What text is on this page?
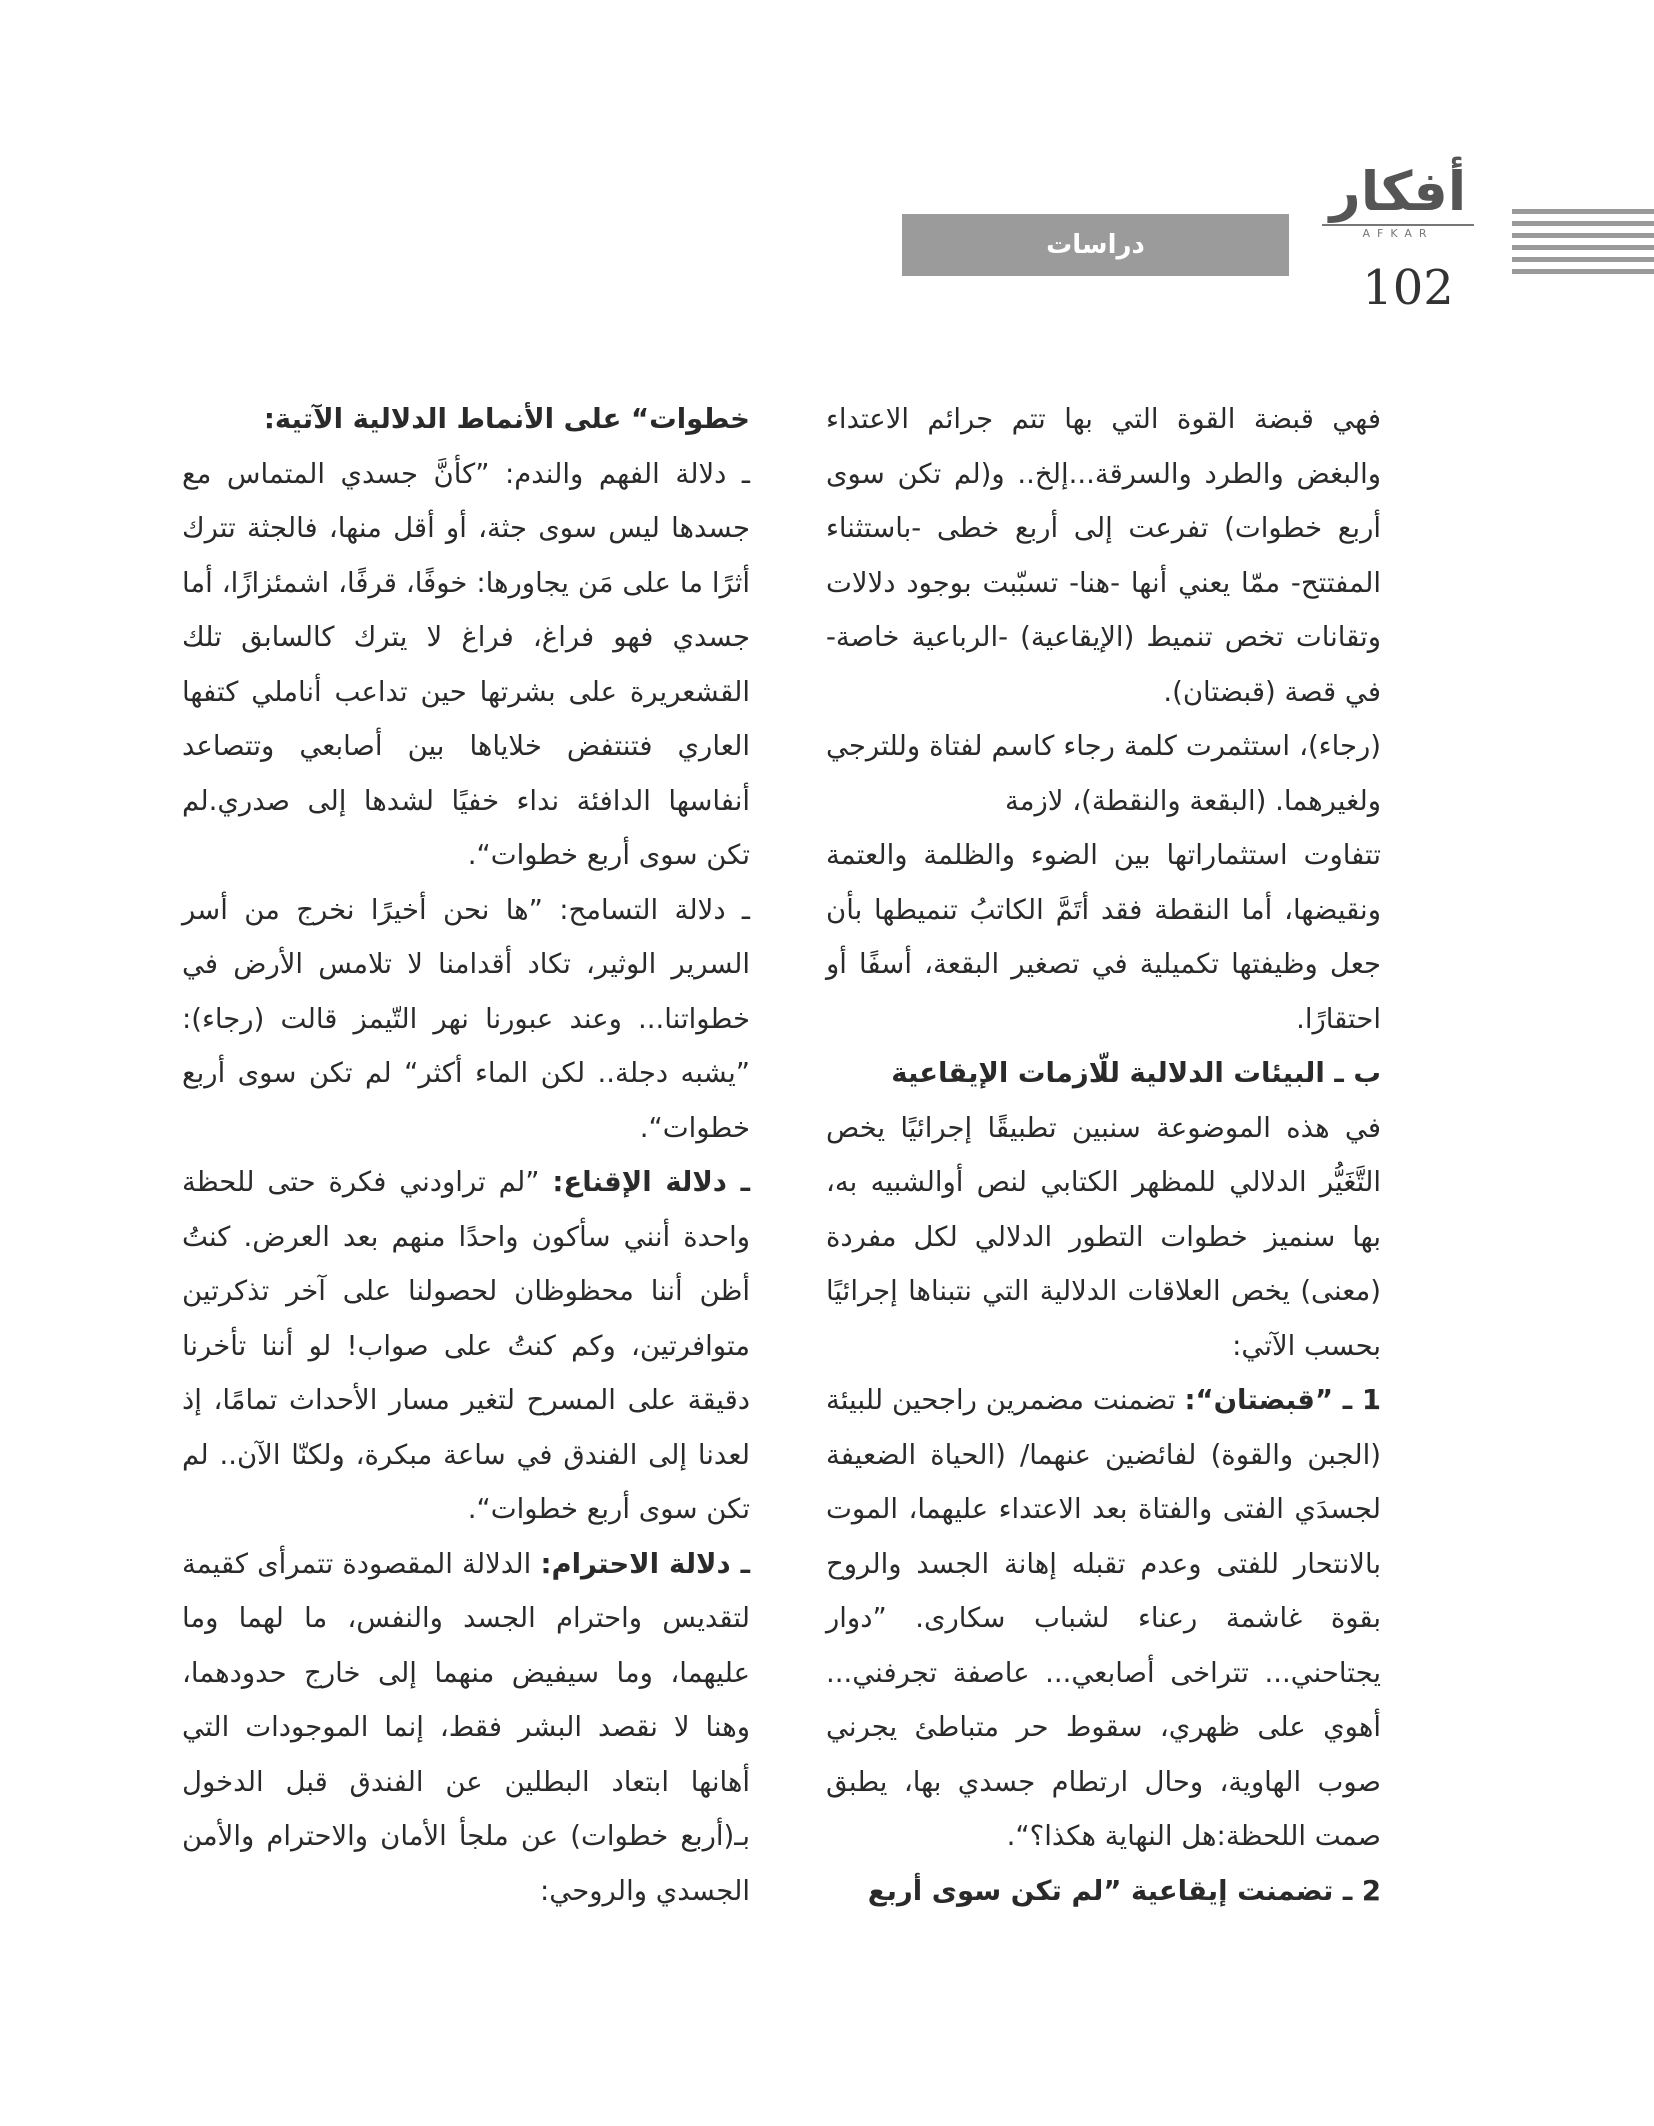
أفكار
AFKAR
دراسات
102

فهي قبضة القوة التي بها تتم جرائم الاعتداء والبغض والطرد والسرقة...إلخ.. و(لم تكن سوى أربع خطوات) تفرعت إلى أربع خطى -باستثناء المفتتح- ممّا يعني أنها -هنا- تسبّبت بوجود دلالات وتقانات تخص تنميط (الإيقاعية) -الرباعية خاصة- في قصة (قبضتان).

(رجاء)، استثمرت كلمة رجاء كاسم لفتاة وللترجي ولغيرهما. (البقعة والنقطة)، لازمة

تتفاوت استثماراتها بين الضوء والظلمة والعتمة ونقيضها، أما النقطة فقد أتَمَّ الكاتبُ تنميطها بأن جعل وظيفتها تكميلية في تصغير البقعة، أسفًا أو احتقارًا.

ب ـ البيئات الدلالية للّازمات الإيقاعية

في هذه الموضوعة سنبين تطبيقًا إجرائيًا يخص التَّغَيُّر الدلالي للمظهر الكتابي لنص أوالشبيه به، بها سنميز خطوات التطور الدلالي لكل مفردة (معنى) يخص العلاقات الدلالية التي نتبناها إجرائيًا بحسب الآتي:

1 ـ ”قبضتان“: تضمنت مضمرين راجحين للبيئة (الجبن والقوة) لفائضين عنهما/ (الحياة الضعيفة لجسدَي الفتى والفتاة بعد الاعتداء عليهما، الموت بالانتحار للفتى وعدم تقبله إهانة الجسد والروح بقوة غاشمة رعناء لشباب سكارى. ”دوار يجتاحني... تتراخى أصابعي... عاصفة تجرفني... أهوي على ظهري، سقوط حر متباطئ يجرني صوب الهاوية، وحال ارتطام جسدي بها، يطبق صمت اللحظة:هل النهاية هكذا؟“.

2 ـ تضمنت إيقاعية ”لم تكن سوى أربع

خطوات“ على الأنماط الدلالية الآتية:

ـ دلالة الفهم والندم: ”كأنَّ جسدي المتماس مع جسدها ليس سوى جثة، أو أقل منها، فالجثة تترك أثرًا ما على مَن يجاورها: خوفًا، قرفًا، اشمئزازًا، أما جسدي فهو فراغ، فراغ لا يترك كالسابق تلك القشعريرة على بشرتها حين تداعب أناملي كتفها العاري فتنتفض خلاياها بين أصابعي وتتصاعد أنفاسها الدافئة نداء خفيًا لشدها إلى صدري.لم تكن سوى أربع خطوات“.

ـ دلالة التسامح: ”ها نحن أخيرًا نخرج من أسر السرير الوثير، تكاد أقدامنا لا تلامس الأرض في خطواتنا... وعند عبورنا نهر التّيمز قالت (رجاء): ”يشبه دجلة.. لكن الماء أكثر“ لم تكن سوى أربع خطوات“.

ـ دلالة الإقناع: ”لم تراودني فكرة حتى للحظة واحدة أنني سأكون واحدًا منهم بعد العرض. كنتُ أظن أننا محظوظان لحصولنا على آخر تذكرتين متوافرتين، وكم كنتُ على صواب! لو أننا تأخرنا دقيقة على المسرح لتغير مسار الأحداث تمامًا، إذ لعدنا إلى الفندق في ساعة مبكرة، ولكنّا الآن.. لم تكن سوى أربع خطوات“.

ـ دلالة الاحترام: الدلالة المقصودة تتمرأى كقيمة لتقديس واحترام الجسد والنفس، ما لهما وما عليهما، وما سيفيض منهما إلى خارج حدودهما، وهنا لا نقصد البشر فقط، إنما الموجودات التي أهانها ابتعاد البطلين عن الفندق قبل الدخول بـ(أربع خطوات) عن ملجأ الأمان والاحترام والأمن الجسدي والروحي:
